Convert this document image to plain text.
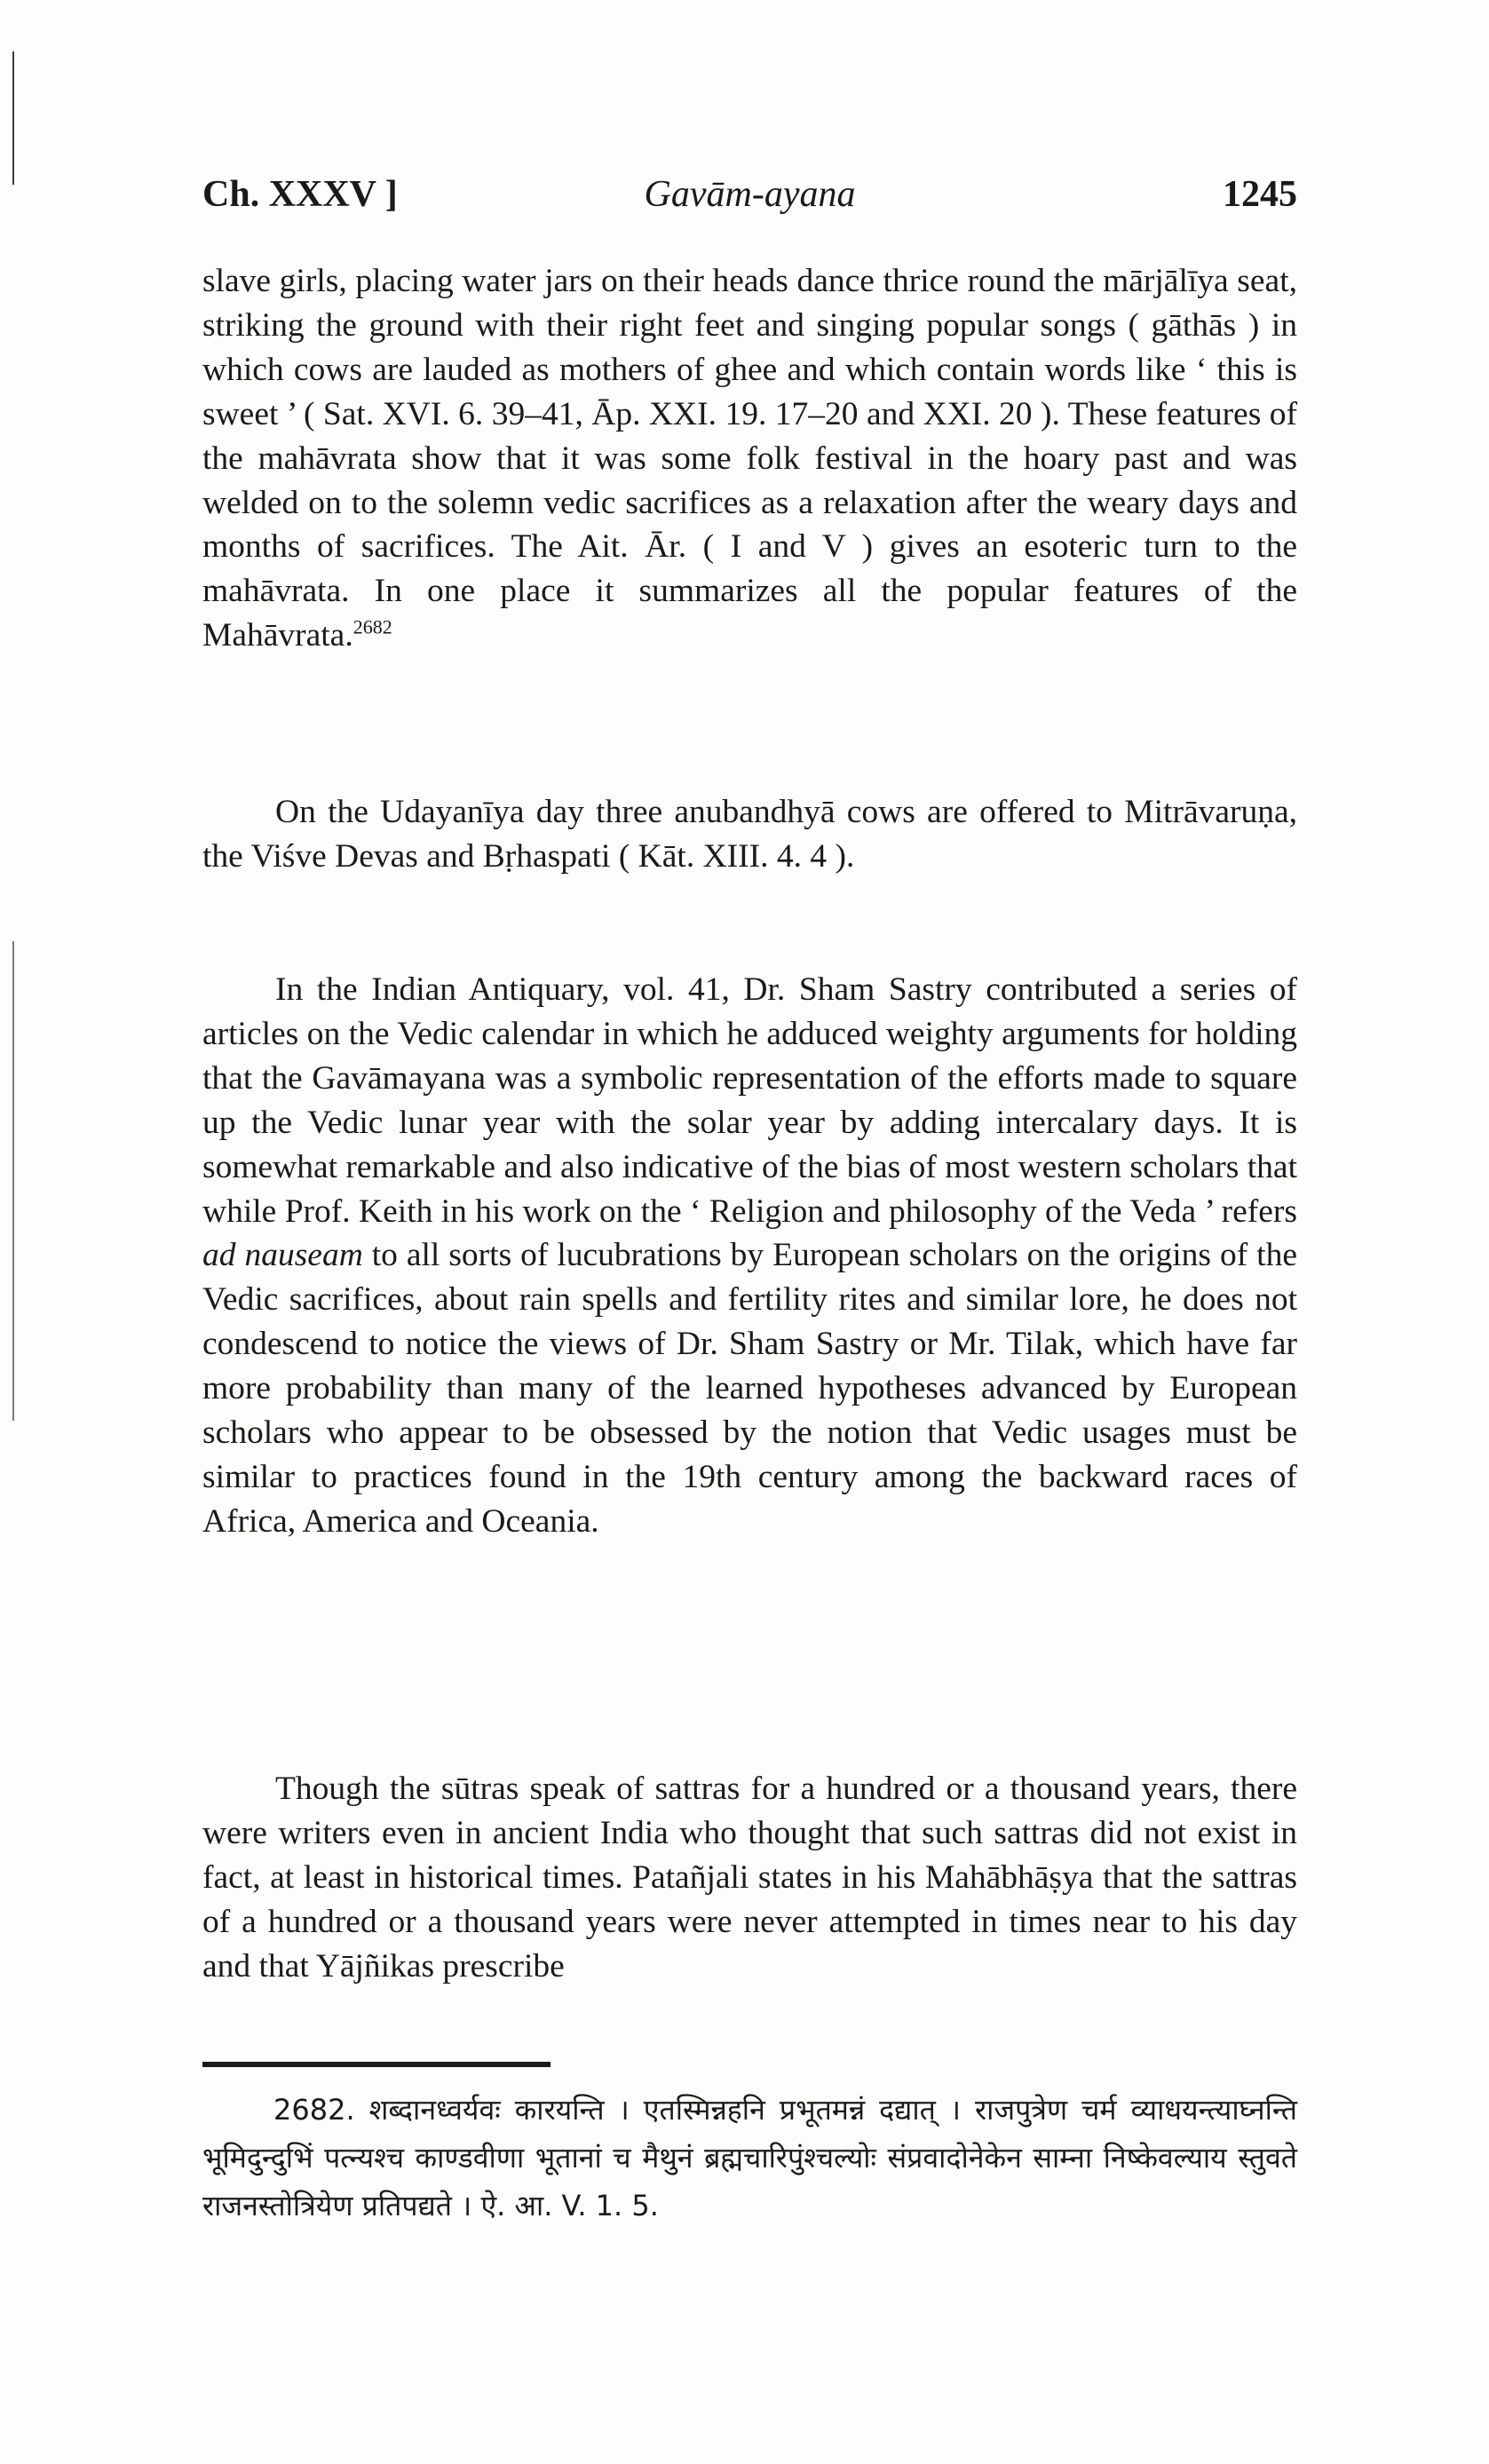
Ch. XXXV ]	Gavām-ayana	1245

slave girls, placing water jars on their heads dance thrice round the mārjālīya seat, striking the ground with their right feet and singing popular songs ( gāthās ) in which cows are lauded as mothers of ghee and which contain words like ‘ this is sweet ’ ( Sat. XVI. 6. 39–41, Āp. XXI. 19. 17–20 and XXI. 20 ). These features of the mahāvrata show that it was some folk festival in the hoary past and was welded on to the solemn vedic sacrifices as a relaxation after the weary days and months of sacrifices. The Ait. Ār. ( I and V ) gives an esoteric turn to the mahāvrata. In one place it summarizes all the popular features of the Mahāvrata.$^{2682}$

On the Udayanīya day three anubandhyā cows are offered to Mitrāvaruṇa, the Viśve Devas and Bṛhaspati ( Kāt. XIII. 4. 4 ).

In the Indian Antiquary, vol. 41, Dr. Sham Sastry contributed a series of articles on the Vedic calendar in which he adduced weighty arguments for holding that the Gavāmayana was a symbolic representation of the efforts made to square up the Vedic lunar year with the solar year by adding intercalary days. It is somewhat remarkable and also indicative of the bias of most western scholars that while Prof. Keith in his work on the ‘ Religion and philosophy of the Veda ’ refers ad nauseam to all sorts of lucubrations by European scholars on the origins of the Vedic sacrifices, about rain spells and fertility rites and similar lore, he does not condescend to notice the views of Dr. Sham Sastry or Mr. Tilak, which have far more probability than many of the learned hypotheses advanced by European scholars who appear to be obsessed by the notion that Vedic usages must be similar to practices found in the 19th century among the backward races of Africa, America and Oceania.

Though the sūtras speak of sattras for a hundred or a thousand years, there were writers even in ancient India who thought that such sattras did not exist in fact, at least in historical times. Patañjali states in his Mahābhāṣya that the sattras of a hundred or a thousand years were never attempted in times near to his day and that Yājñikas prescribe

2682. शब्दानध्वर्यवः कारयन्ति । एतस्मिन्नहनि प्रभूतमन्नं दद्यात् । राजपुत्रेण चर्म व्याधयन्त्याघ्नन्ति भूमिदुन्दुभिं पत्न्यश्च काण्डवीणा भूतानां च मैथुनं ब्रह्मचारिपुंश्चल्योः संप्रवादोनेकेन साम्ना निष्केवल्याय स्तुवते राजनस्तोत्रियेण प्रतिपद्यते । ऐ. आ. V. 1. 5.
